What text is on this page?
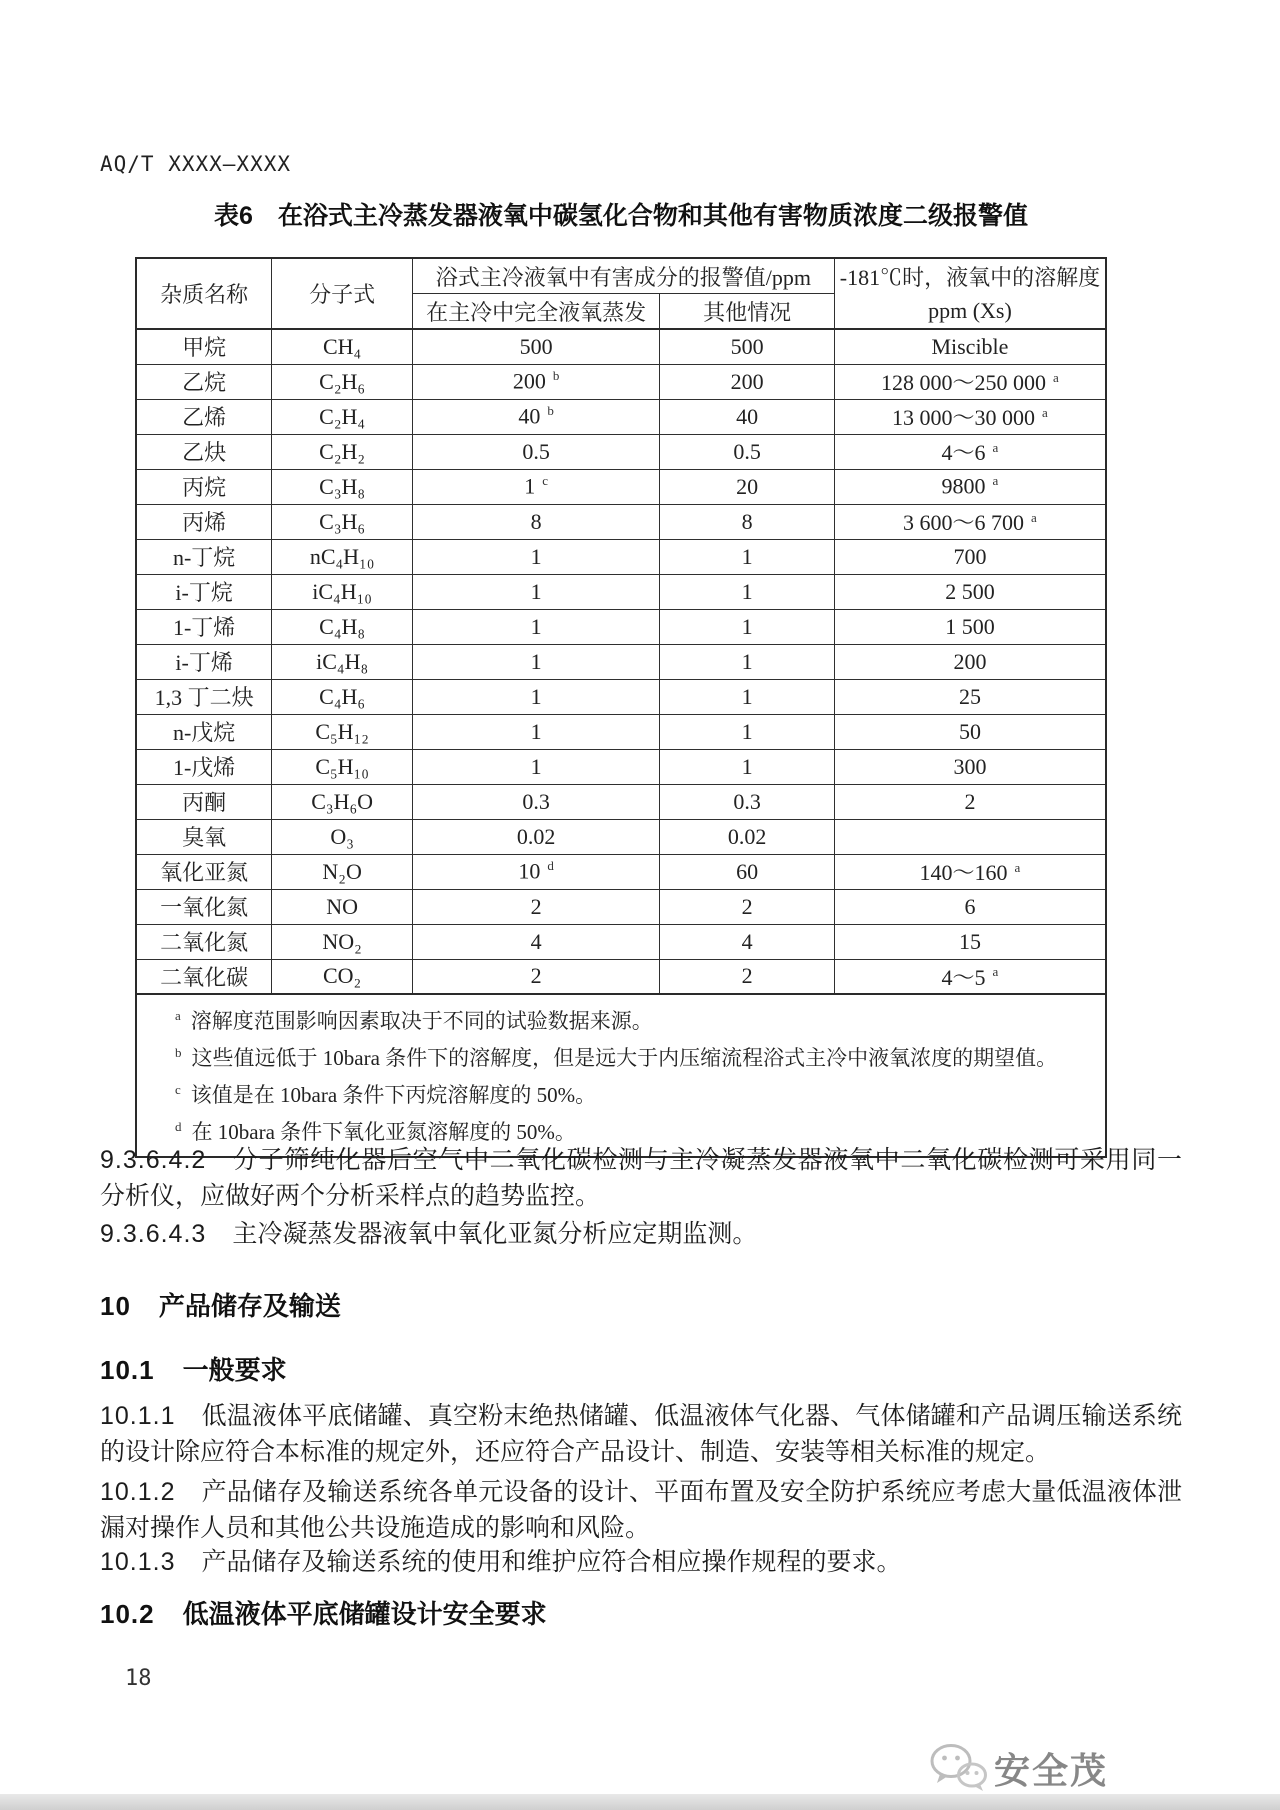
AQ/T XXXX—XXXX
表6　在浴式主冷蒸发器液氧中碳氢化合物和其他有害物质浓度二级报警值
杂质名称	分子式	浴式主冷液氧中有害成分的报警值/ppm		-181℃时，液氧中的溶解度
ppm (Xs)

		在主冷中完全液氧蒸发	其他情况	
甲烷	CH₄	500	500	Miscible
乙烷	C₂H₆	200 $^b$	200	128 000～250 000 $^a$
乙烯	C₂H₄	40 $^b$	40	13 000～30 000 $^a$
乙炔	C₂H₂	0.5	0.5	4～6 $^a$
丙烷	C₃H₈	1 $^c$	20	9800 $^a$
丙烯	C₃H₆	8	8	3 600～6 700 $^a$
n-丁烷	nC₄H₁₀	1	1	700
i-丁烷	iC₄H₁₀	1	1	2 500
1-丁烯	C₄H₈	1	1	1 500
i-丁烯	iC₄H₈	1	1	200
1,3 丁二炔	C₄H₆	1	1	25
n-戊烷	C₅H₁₂	1	1	50
1-戊烯	C₅H₁₀	1	1	300
丙酮	C₃H₆O	0.3	0.3	2
臭氧	O₃	0.02	0.02	
氧化亚氮	N₂O	10 $^d$	60	140～160 $^a$
一氧化氮	NO	2	2	6
二氧化氮	NO₂	4	4	15
二氧化碳	CO₂	2	2	4～5 $^a$

$^a$ 溶解度范围影响因素取决于不同的试验数据来源。
$^b$ 这些值远低于 10bara 条件下的溶解度，但是远大于内压缩流程浴式主冷中液氧浓度的期望值。
$^c$ 该值是在 10bara 条件下丙烷溶解度的 50%。
$^d$ 在 10bara 条件下氧化亚氮溶解度的 50%。				

9.3.6.4.2 分子筛纯化器后空气中二氧化碳检测与主冷凝蒸发器液氧中二氧化碳检测可采用同一分析仪，应做好两个分析采样点的趋势监控。

9.3.6.4.3 主冷凝蒸发器液氧中氧化亚氮分析应定期监测。

10 产品储存及输送
10.1 一般要求

10.1.1 低温液体平底储罐、真空粉末绝热储罐、低温液体气化器、气体储罐和产品调压输送系统的设计除应符合本标准的规定外，还应符合产品设计、制造、安装等相关标准的规定。

10.1.2 产品储存及输送系统各单元设备的设计、平面布置及安全防护系统应考虑大量低温液体泄漏对操作人员和其他公共设施造成的影响和风险。

10.1.3 产品储存及输送系统的使用和维护应符合相应操作规程的要求。

10.2 低温液体平底储罐设计安全要求
18
安全茂
